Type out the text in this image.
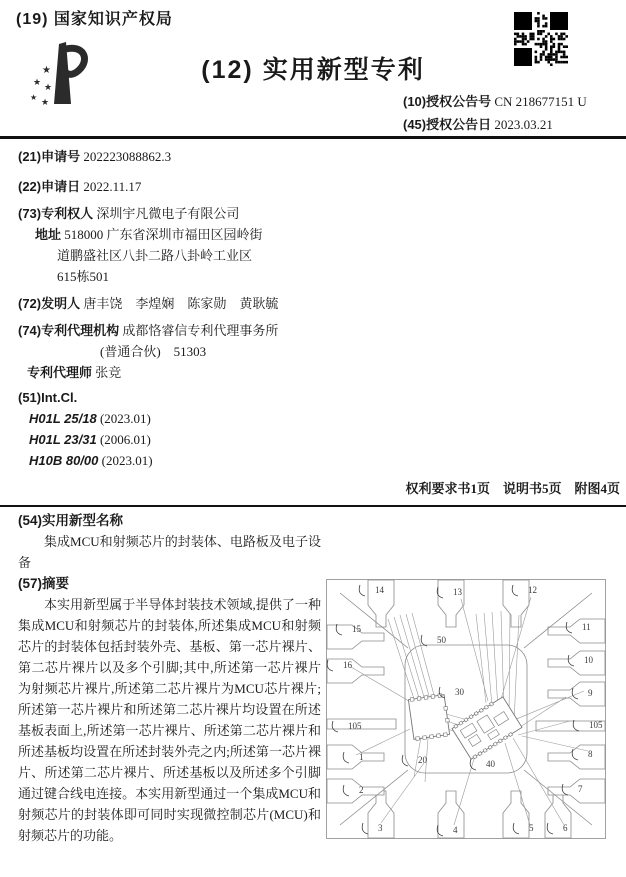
(19) 国家知识产权局
★
★ ★
★ ★
(12) 实用新型专利
(10)授权公告号 CN 218677151 U
(45)授权公告日 2023.03.21
(21)申请号 202223088862.3
(22)申请日 2022.11.17
(73)专利权人 深圳宇凡微电子有限公司
地址 518000 广东省深圳市福田区园岭街
道鹏盛社区八卦二路八卦岭工业区
615栋501
(72)发明人 唐丰饶　李煌娴　陈家勋　黄耿毓
(74)专利代理机构 成都恪睿信专利代理事务所
(普通合伙)　51303
专利代理师 张竞
(51)Int.Cl.
H01L 25/18 (2023.01)
H01L 23/31 (2006.01)
H10B 80/00 (2023.01)
权利要求书1页　说明书5页　附图4页
(54)实用新型名称

集成MCU和射频芯片的封装体、电路板及电子设备

(57)摘要

本实用新型属于半导体封装技术领域,提供了一种集成MCU和射频芯片的封装体,所述集成MCU和射频芯片的封装体包括封装外壳、基板、第一芯片裸片、第二芯片裸片以及多个引脚;其中,所述第一芯片裸片为射频芯片裸片,所述第二芯片裸片为MCU芯片裸片;所述第一芯片裸片和所述第二芯片裸片均设置在所述基板表面上,所述第一芯片裸片、所述第二芯片裸片和所述基板均设置在所述封装外壳之内;所述第一芯片裸片、所述第二芯片裸片、所述基板以及所述多个引脚通过键合线电连接。本实用新型通过一个集成MCU和射频芯片的封装体即可同时实现微控制芯片(MCU)和射频芯片的功能。

14	13	12
11
15
10
16
9
50
30
105	105
1	8
20	40
2	7
3	4	5	6
